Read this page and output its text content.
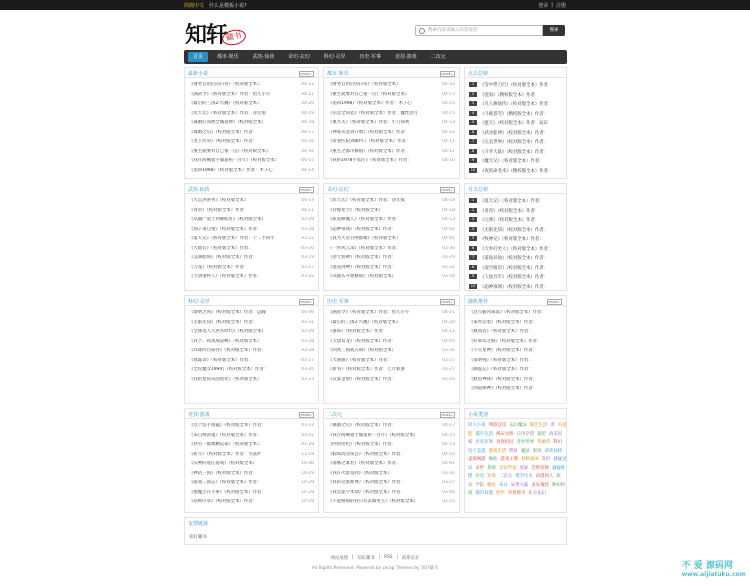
简簡中文 什么是模板小说?	登录 | 注册
知轩
藏书	搜索内容请输入你需查找	搜索
首页	都市·娱乐	武侠·仙侠	奇幻·玄幻	科幻·灵异	历史·军事	竞技·游戏	二次元
最新小说	MORE+
《财务自由后的日常》（校对版全本）	04-22
《满武令》（校对版全本）作者：鱼儿小小	04-21
《最后的三国2:兴魏》（校对版全本）	04-20
《伏天氏》（校对版全本）作者：净无痕	04-19
《离婚后我被全城追捧》（校对版全本）	04-18
《离婚之后》（校对版全本）作者：	04-17
《龙王传说》（校对版全本）作者：	04-16
《重生就要对自己狠一点》（校对版全本）	04-16
《我在海贼猎手做道祖一百年》（校对版全本）	04-15
《追回1998》（校对版全本）作者：木子心	04-14
都市·娱乐	MORE+
《财务自由后的日常》（校对版全本）	04-22
《重生就要对自己狠一点》（校对版全本）	04-17
《追回1998》（校对版全本）作者：木子心	04-15
《信息全知者》（校对版全本）作者：魔性沧月	04-15
《重九关》（校对版全本）作者：小刀锋利	04-13
《神豪从签到开始》（校对版全本）作者：	04-12
《带着医院到80年》（校对版全本）作者：	04-11
《重生之都市修仙》（校对版全本）作者：	04-11
《我的1978小农庄》（校对版全本）作者：	04-10
点击总榜
1 《雪中悍刀行》（校对版全本）作者：
2 《沧海》（精校版全本）作者：
3 《凡人修仙传》（校对版全本）作者：
4 《斗破苍穹》（精校版全本）作者：
5 《遮天》（校对版全本）作者：辰东
6 《武动乾坤》（校对版全本）作者：
7 《完美世界》（校对版全本）作者：
8 《斗罗大陆》（校对版全本）作者：
9 《魔天记》（校对版全本）作者：
10 《夜的命名术》（精校版全本）作者：
武侠·仙侠	MORE+
《大荒洪系列》（校对版全本）	04-14
《青帝》（校对版全本）作者：	04-11
《从僵尸道士到修仙者》（校对版全本）	03-29
《仙子请自重》（校对版全本）作者：	03-28
《落天记》（校对版全本）作者：十二予荷牛	03-22
《大仙官》（校对版全本）作者：	03-20
《美洲仙域》（校对版全本）作者：	03-19
《刀笼》（校对版全本）作者：	03-17
《大唐诸将人》（校对版全本）作者：	03-16
奇幻·玄幻	MORE+
《伏天氏》（校对版全本）作者：净无痕	04-19
《吞噬星空》（校对版全本）	04-18
《斩道修魔人》（校对版全本）作者：	04-13
《超神领域》（校对版全本）作者：	04-02
《我为天帝召唤群雄》（校对版全本）	04-01
《一世风云录》（校对版全本）作者：	03-30
《逆天邪神》（校对版全本）作者：	03-29
《混沌剑神》（校对版全本）作者：	03-21
《从捕头开始修仙》（校对版全本）	03-16
月点总榜
1 《落天记》（校对版全本）作者：
2 《青帝》（校对版全本）作者：
3 《元尊》（校对版全本）作者：
4 《无限先知》（校对版全本）作者：
5 《牧神记》（校对版全本）作者：
6 《大奉打更人》（校对版全本）作者：
7 《道诡异仙》（校对版全本）作者：
8 《深空彼岸》（校对版全本）作者：
9 《人仙百年》（校对版全本）作者：
10 《超神领域》（校对版全本）作者：
科幻·灵异	MORE+
《黎明之剑》（校对版全本）作者：远瞳	04-06
《无限先知》（校对版全本）作者：	03-31
《全球进入大洪水时代》（校对版全本）	03-29
《我于、夜夜成道啊》（校对版全本）	03-28
《环球四目谜谷》（校对版全本）作者：	03-28
《寒霜录》（校对版全本）作者：	03-27
《全民魔女1994》（校对版全本）作者：	03-26
《我的星际乐园进化》（校对版全本）	03-23
历史·军事	MORE+
《满武令》（校对版全本）作者：鱼儿小小	04-21
《最后的三国2:兴魏》（校对版全本）	04-20
《嘉靖》（校对版全本）作者：	04-11
《大唐双龙》（校对版全本）作者：	04-05
《回到三国战五胡》（校对版全本）	03-31
《大商驸》（校对版全本）作者：	03-27
《新书》（校对版全本）作者：七月新番	03-27
《汉家金册》（校对版全本）作者：	03-25
随机推荐	MORE+
《过鸟捕食部落》（校对版全本）作者：
《家吐忍着》（校对版全本）作者：
《修真者》（校对版全本）作者：
《好莱坞之路》（校对版全本）作者：
《不灭星神》（校对版全本）作者：
《南明残》（校对版全本）作者：
《画诡记》（校对版全本）作者：
《默鱼神锋》（校对版全本）作者：
《剑道修神》（校对版全本）作者：
竞技·游戏	MORE+
《这个选手很猛》（校对版全本）作者：	03-13
《来自师的鬼》（校对版全本）作者：	03-02
《我有一群地精玩家》（校对版全本）	01-29
《斩月》（校对版全本）作者：失落叶	11-19
《次神的迷茫游戏》（校对版全本）	10-30
《神话三国》（校对版全本）作者：	10-29
《游戏三国志》（校对版全本）作者：	10-29
《德魔烹饪手册》（校对版全本）作者：	10-29
《法师序章》（校对版全本）作者：	10-29
二次元	MORE+
《离婚之后》（校对版全本）作者：	04-17
《我在海贼猎手做道祖一百年》（校对版全本）	04-15
《阿哈哈哈》（校对版全本）作者：	04-13
《假如高达误会》（校对版全本）作者：	04-10
《海贼之暴君》（校对版全本）作者：	04-01
《我在火影签到》（校对版全本）	03-31
《我的反派师尊》（校对版全本）作者：	03-27
《我是虚空术仙》（校对版全本）作者：	03-06
《不能修仙的我只有去做男主》（校对版全本）	02-25
小说类别
同人小说 网游竞技 玄幻魔法 演艺生活 奇 关超能 都市生活 两宋元明 日用杂货 迪吧 清末民初 历史军事 青春校园 奇妙世界 英雄传 科幻电子竞技 游戏生活 明星 魔法 职场 武侠仙侠虚拟网游 修仙 游戏主播 春秋战国 奇幻 悬疑灵异 末世 系统 官宦世家 星际 恐怖惊悚 悬疑推理 历史 军事 二次元 架空历史 动漫同人 娱乐 学院 嗨皮 末日 异世大陆 灵异鬼怪 种田经商 都市异能 机甲 青春都市 东方玄幻
友情链接
知轩藏书
网站地图 | 知轩藏书 | RSS | 联系站长
All Rights Reserved. Powered by zxcsg Themes by 知轩藏书	不 爱 源码网
www.aijiatuku.com
